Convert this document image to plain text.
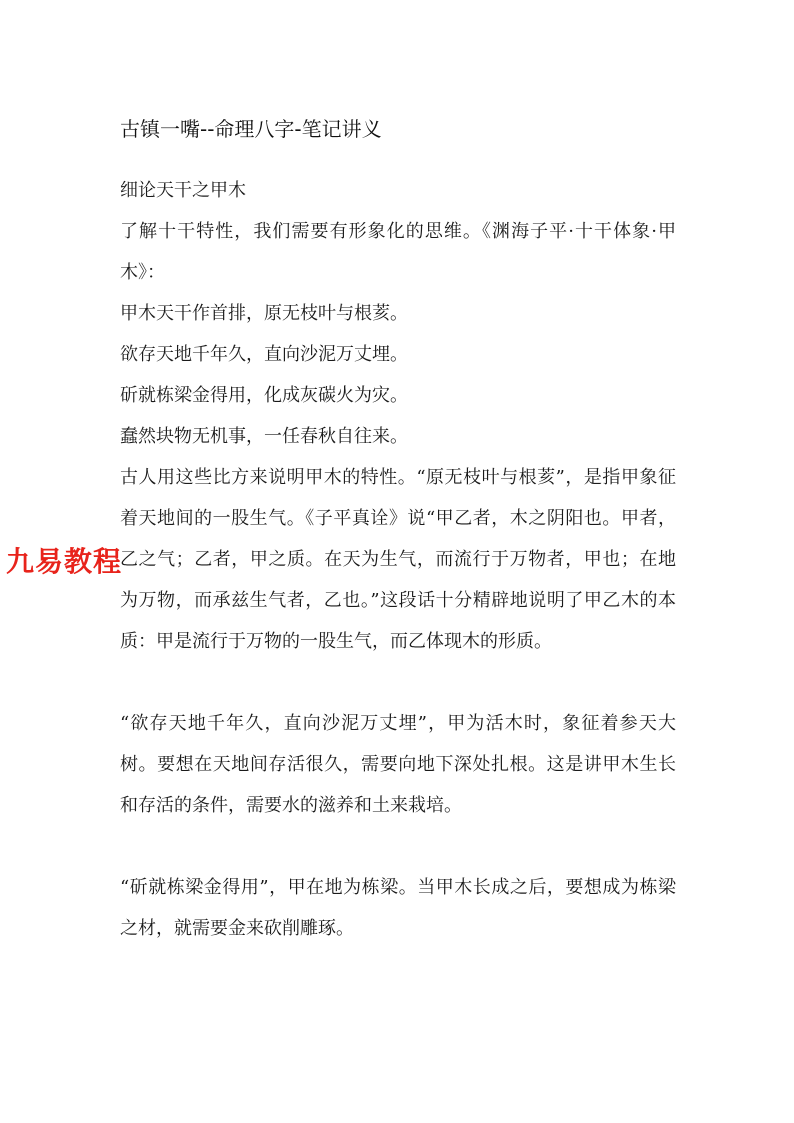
古镇一嘴--命理八字-笔记讲义

细论天干之甲木

了解十干特性，我们需要有形象化的思维。《渊海子平·十干体象·甲木》：

甲木天干作首排，原无枝叶与根荄。

欲存天地千年久，直向沙泥万丈埋。

斫就栋梁金得用，化成灰碳火为灾。

蠢然块物无机事，一任春秋自往来。

古人用这些比方来说明甲木的特性。“原无枝叶与根荄”，是指甲象征着天地间的一股生气。《子平真诠》说“甲乙者，木之阴阳也。甲者，乙之气；乙者，甲之质。在天为生气，而流行于万物者，甲也；在地为万物，而承兹生气者，乙也。”这段话十分精辟地说明了甲乙木的本质：甲是流行于万物的一股生气，而乙体现木的形质。

“欲存天地千年久，直向沙泥万丈埋”，甲为活木时，象征着参天大树。要想在天地间存活很久，需要向地下深处扎根。这是讲甲木生长和存活的条件，需要水的滋养和土来栽培。

“斫就栋梁金得用”，甲在地为栋梁。当甲木长成之后，要想成为栋梁之材，就需要金来砍削雕琢。

九易教程
